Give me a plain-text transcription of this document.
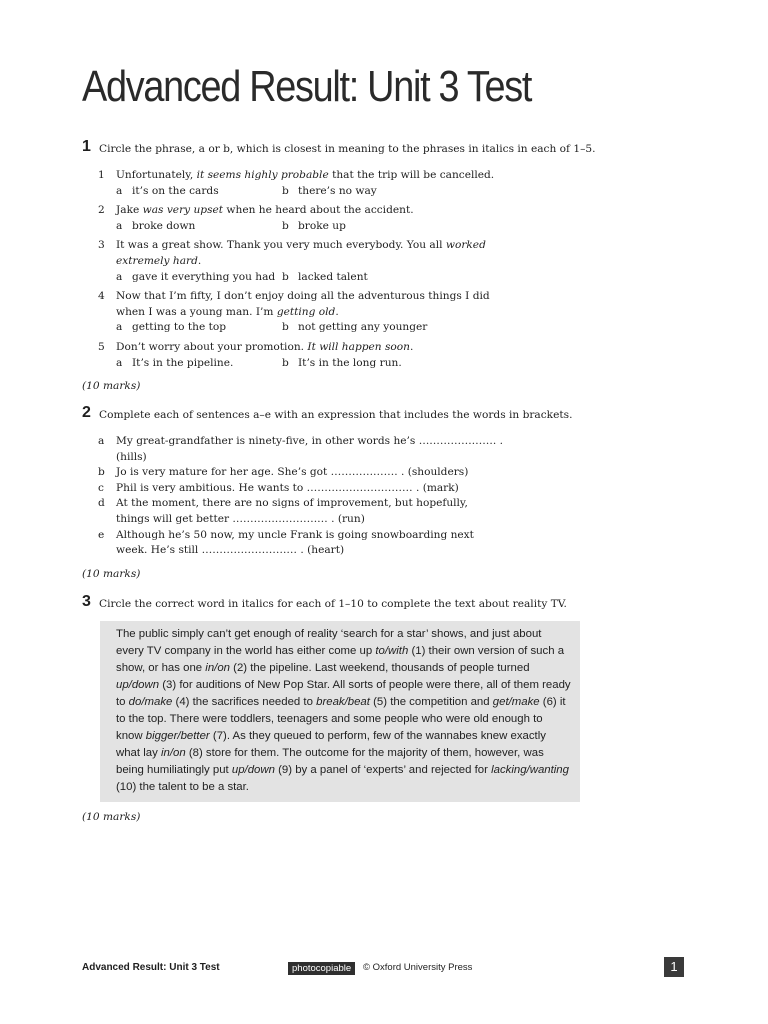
Advanced Result: Unit 3 Test
1 Circle the phrase, a or b, which is closest in meaning to the phrases in italics in each of 1–5.
1 Unfortunately, it seems highly probable that the trip will be cancelled.
a it’s on the cards	b there’s no way
2 Jake was very upset when he heard about the accident.
a broke down	b broke up
3 It was a great show. Thank you very much everybody. You all worked extremely hard.
a gave it everything you had b lacked talent
4 Now that I’m fifty, I don’t enjoy doing all the adventurous things I did when I was a young man. I’m getting old.
a getting to the top	b not getting any younger
5 Don’t worry about your promotion. It will happen soon.
a It’s in the pipeline.	b It’s in the long run.
(10 marks)
2 Complete each of sentences a–e with an expression that includes the words in brackets.
a My great-grandfather is ninety-five, in other words he’s …………………. . (hills)
b Jo is very mature for her age. She’s got ………………. . (shoulders)
c Phil is very ambitious. He wants to ………………………… . (mark)
d At the moment, there are no signs of improvement, but hopefully, things will get better ……………………… . (run)
e Although he’s 50 now, my uncle Frank is going snowboarding next week. He’s still ……………………… . (heart)
(10 marks)
3 Circle the correct word in italics for each of 1–10 to complete the text about reality TV.
The public simply can’t get enough of reality ‘search for a star’ shows, and just about every TV company in the world has either come up to/with (1) their own version of such a show, or has one in/on (2) the pipeline. Last weekend, thousands of people turned up/down (3) for auditions of New Pop Star. All sorts of people were there, all of them ready to do/make (4) the sacrifices needed to break/beat (5) the competition and get/make (6) it to the top. There were toddlers, teenagers and some people who were old enough to know bigger/better (7). As they queued to perform, few of the wannabes knew exactly what lay in/on (8) store for them. The outcome for the majority of them, however, was being humiliatingly put up/down (9) by a panel of ‘experts’ and rejected for lacking/wanting (10) the talent to be a star.
(10 marks)
Advanced Result: Unit 3 Test	photocopiable	© Oxford University Press	1
